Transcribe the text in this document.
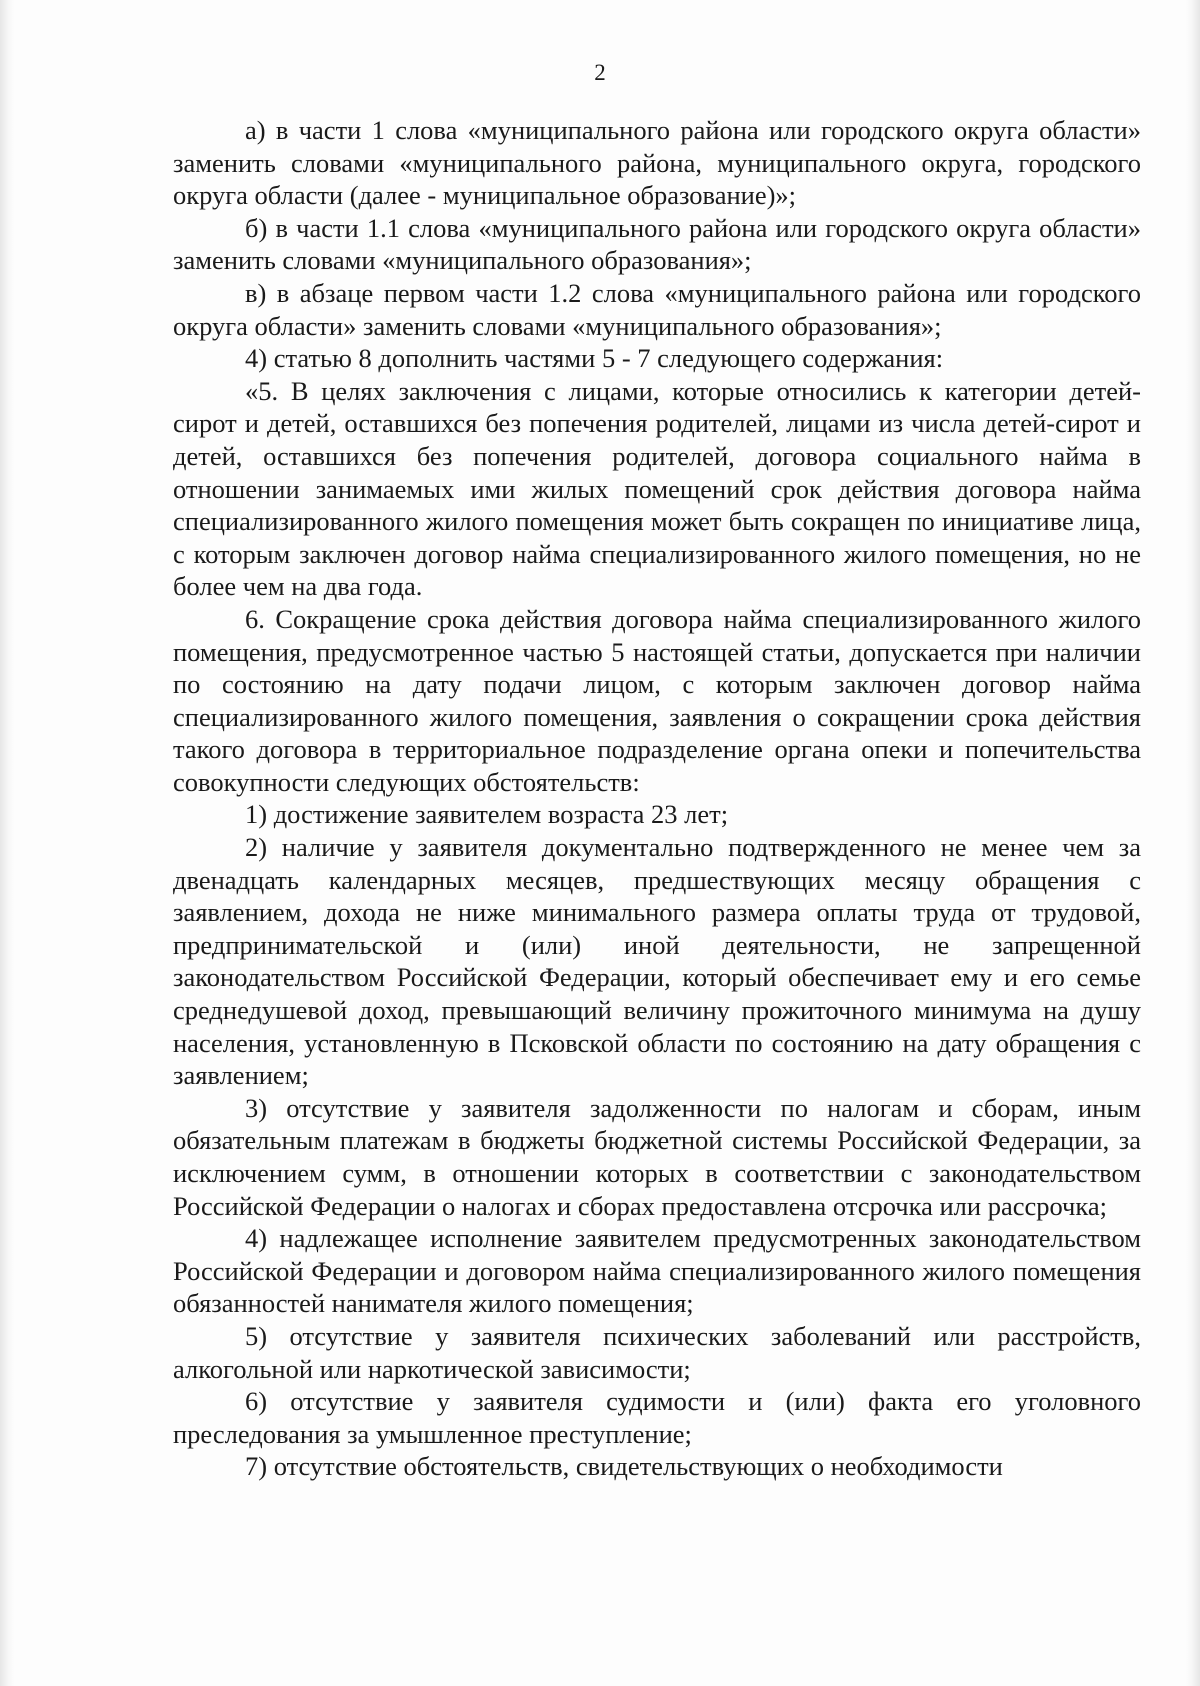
2

а) в части 1 слова «муниципального района или городского округа области» заменить словами «муниципального района, муниципального округа, городского округа области (далее - муниципальное образование)»;

б) в части 1.1 слова «муниципального района или городского округа области» заменить словами «муниципального образования»;

в) в абзаце первом части 1.2 слова «муниципального района или городского округа области» заменить словами «муниципального образования»;

4) статью 8 дополнить частями 5 - 7 следующего содержания:

«5. В целях заключения с лицами, которые относились к категории детей-сирот и детей, оставшихся без попечения родителей, лицами из числа детей-сирот и детей, оставшихся без попечения родителей, договора социального найма в отношении занимаемых ими жилых помещений срок действия договора найма специализированного жилого помещения может быть сокращен по инициативе лица, с которым заключен договор найма специализированного жилого помещения, но не более чем на два года.

6. Сокращение срока действия договора найма специализированного жилого помещения, предусмотренное частью 5 настоящей статьи, допускается при наличии по состоянию на дату подачи лицом, с которым заключен договор найма специализированного жилого помещения, заявления о сокращении срока действия такого договора в территориальное подразделение органа опеки и попечительства совокупности следующих обстоятельств:

1) достижение заявителем возраста 23 лет;

2) наличие у заявителя документально подтвержденного не менее чем за двенадцать календарных месяцев, предшествующих месяцу обращения с заявлением, дохода не ниже минимального размера оплаты труда от трудовой, предпринимательской и (или) иной деятельности, не запрещенной законодательством Российской Федерации, который обеспечивает ему и его семье среднедушевой доход, превышающий величину прожиточного минимума на душу населения, установленную в Псковской области по состоянию на дату обращения с заявлением;

3) отсутствие у заявителя задолженности по налогам и сборам, иным обязательным платежам в бюджеты бюджетной системы Российской Федерации, за исключением сумм, в отношении которых в соответствии с законодательством Российской Федерации о налогах и сборах предоставлена отсрочка или рассрочка;

4) надлежащее исполнение заявителем предусмотренных законодательством Российской Федерации и договором найма специализированного жилого помещения обязанностей нанимателя жилого помещения;

5) отсутствие у заявителя психических заболеваний или расстройств, алкогольной или наркотической зависимости;

6) отсутствие у заявителя судимости и (или) факта его уголовного преследования за умышленное преступление;

7) отсутствие обстоятельств, свидетельствующих о необходимости
